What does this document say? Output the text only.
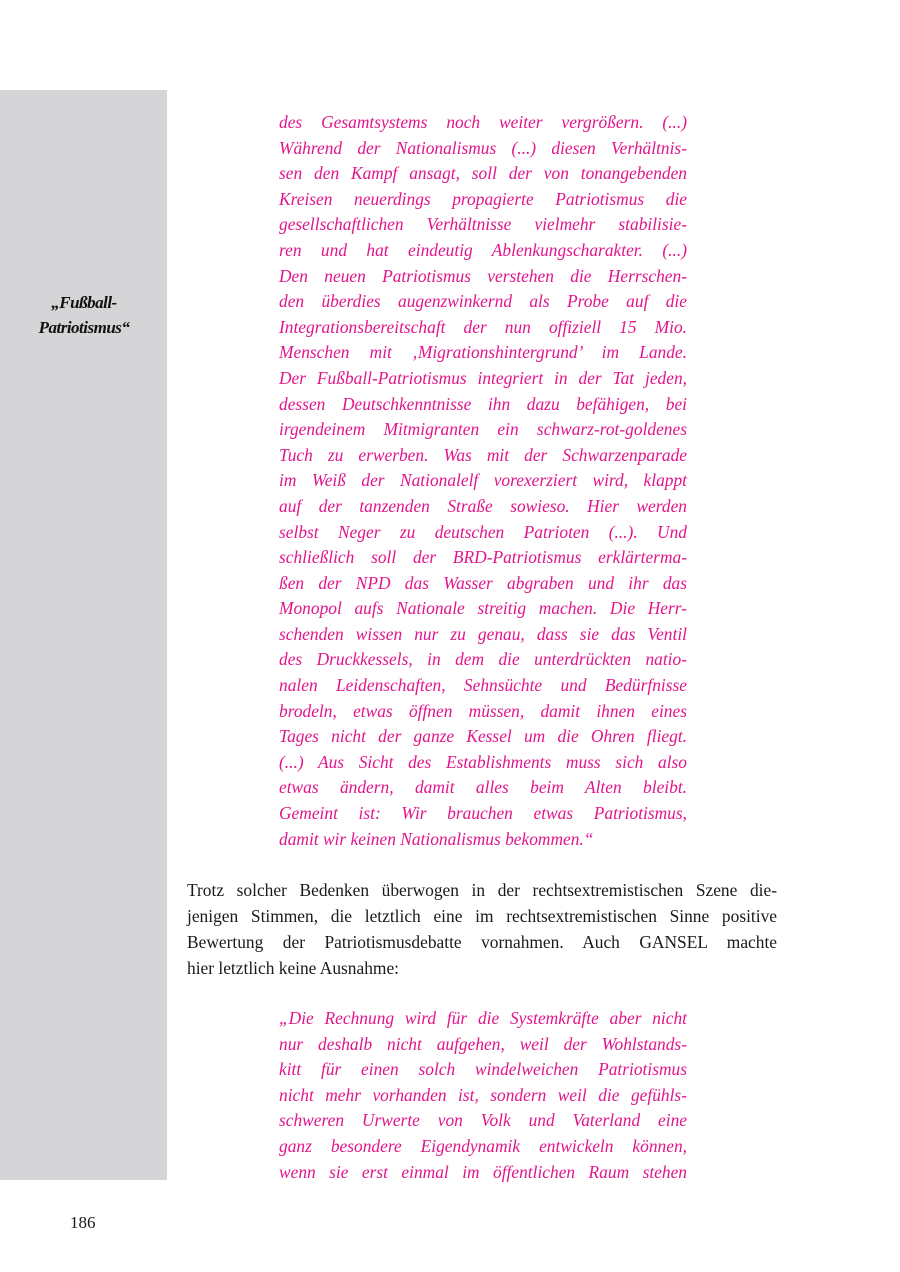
„Fußball-
Patriotismus“
des Gesamtsystems noch weiter vergrößern. (...)
Während der Nationalismus (...) diesen Verhältnis-
sen den Kampf ansagt, soll der von tonangebenden
Kreisen neuerdings propagierte Patriotismus die
gesellschaftlichen Verhältnisse vielmehr stabilisie-
ren und hat eindeutig Ablenkungscharakter. (...)
Den neuen Patriotismus verstehen die Herrschen-
den überdies augenzwinkernd als Probe auf die
Integrationsbereitschaft der nun offiziell 15 Mio.
Menschen mit ‚Migrationshintergrund’ im Lande.
Der Fußball-Patriotismus integriert in der Tat jeden,
dessen Deutschkenntnisse ihn dazu befähigen, bei
irgendeinem Mitmigranten ein schwarz-rot-goldenes
Tuch zu erwerben. Was mit der Schwarzenparade
im Weiß der Nationalelf vorexerziert wird, klappt
auf der tanzenden Straße sowieso. Hier werden
selbst Neger zu deutschen Patrioten (...). Und
schließlich soll der BRD-Patriotismus erklärterma-
ßen der NPD das Wasser abgraben und ihr das
Monopol aufs Nationale streitig machen. Die Herr-
schenden wissen nur zu genau, dass sie das Ventil
des Druckkessels, in dem die unterdrückten natio-
nalen Leidenschaften, Sehnsüchte und Bedürfnisse
brodeln, etwas öffnen müssen, damit ihnen eines
Tages nicht der ganze Kessel um die Ohren fliegt.
(...) Aus Sicht des Establishments muss sich also
etwas ändern, damit alles beim Alten bleibt.
Gemeint ist: Wir brauchen etwas Patriotismus,
damit wir keinen Nationalismus bekommen.“
Trotz solcher Bedenken überwogen in der rechtsextremistischen Szene die-
jenigen Stimmen, die letztlich eine im rechtsextremistischen Sinne positive
Bewertung der Patriotismusdebatte vornahmen. Auch GANSEL machte
hier letztlich keine Ausnahme:
„Die Rechnung wird für die Systemkräfte aber nicht
nur deshalb nicht aufgehen, weil der Wohlstands-
kitt für einen solch windelweichen Patriotismus
nicht mehr vorhanden ist, sondern weil die gefühls-
schweren Urwerte von Volk und Vaterland eine
ganz besondere Eigendynamik entwickeln können,
wenn sie erst einmal im öffentlichen Raum stehen
186
